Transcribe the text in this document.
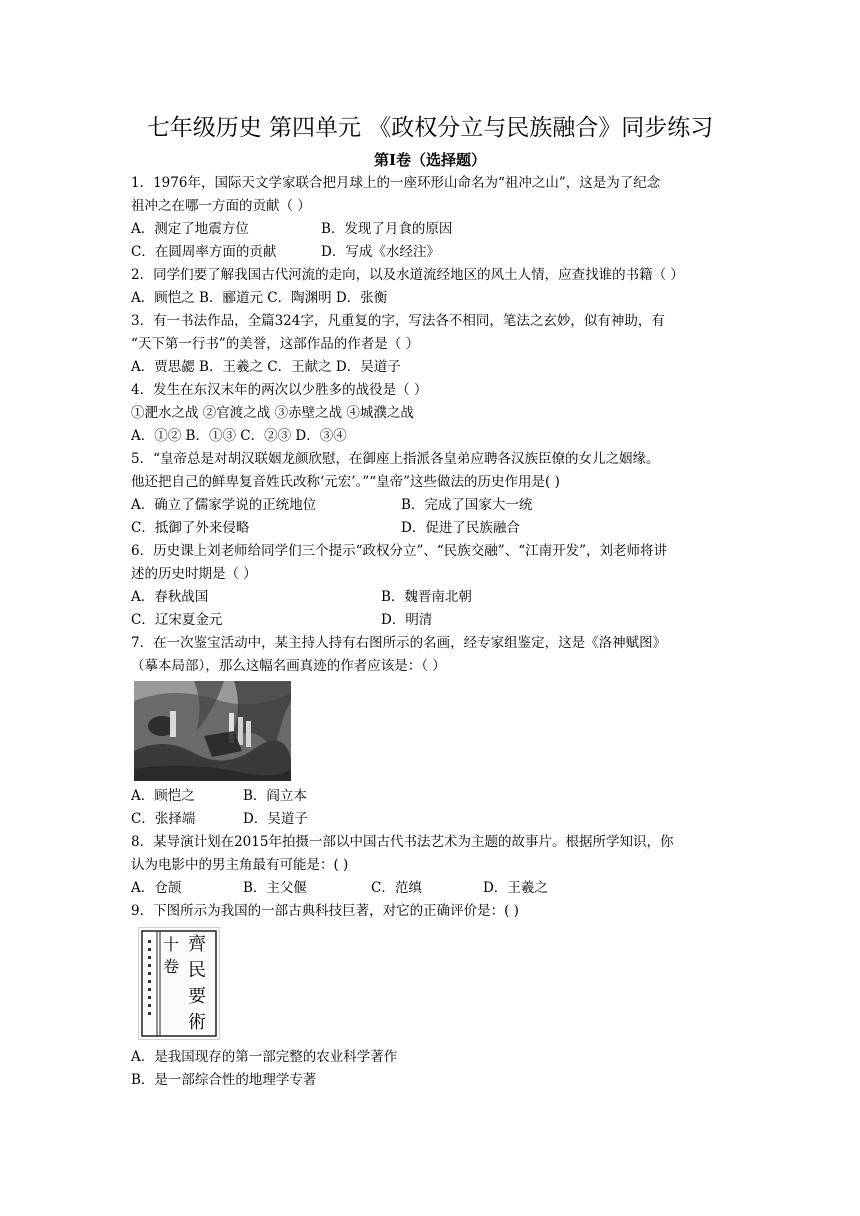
七年级历史 第四单元 《政权分立与民族融合》同步练习
第Ⅰ卷（选择题）
1．1976年，国际天文学家联合把月球上的一座环形山命名为“祖冲之山”，这是为了纪念
祖冲之在哪一方面的贡献（ ）
A．测定了地震方位	B．发现了月食的原因
C．在圆周率方面的贡献	D．写成《水经注》
2．同学们要了解我国古代河流的走向，以及水道流经地区的风土人情，应查找谁的书籍（ ）
A．顾恺之 B．郦道元 C．陶渊明 D．张衡
3．有一书法作品，全篇324字，凡重复的字，写法各不相同，笔法之玄妙，似有神助，有
“天下第一行书”的美誉，这部作品的作者是（ ）
A．贾思勰 B．王羲之 C．王献之 D．吴道子
4．发生在东汉末年的两次以少胜多的战役是（ ）
①淝水之战 ②官渡之战 ③赤壁之战 ④城濮之战
A．①② B．①③ C．②③ D．③④
5．“皇帝总是对胡汉联姻龙颜欣慰，在御座上指派各皇弟应聘各汉族臣僚的女儿之姻缘。
他还把自己的鲜卑复音姓氏改称‘元宏’。”“皇帝”这些做法的历史作用是( )
A．确立了儒家学说的正统地位	B．完成了国家大一统
C．抵御了外来侵略	D．促进了民族融合
6．历史课上刘老师给同学们三个提示“政权分立”、“民族交融”、“江南开发”，刘老师将讲
述的历史时期是（ ）
A．春秋战国	B．魏晋南北朝
C．辽宋夏金元	D．明清
7．在一次鉴宝活动中，某主持人持有右图所示的名画，经专家组鉴定，这是《洛神赋图》
（摹本局部），那么这幅名画真迹的作者应该是：（ ）
A．顾恺之	B．阎立本
C．张择端	D．吴道子
8．某导演计划在2015年拍摄一部以中国古代书法艺术为主题的故事片。根据所学知识，你
认为电影中的男主角最有可能是：( )
A．仓颉	B．主父偃	C．范缜	D．王羲之
9．下图所示为我国的一部古典科技巨著，对它的正确评价是：( )
十
卷
齊
民
要
術
A．是我国现存的第一部完整的农业科学著作
B．是一部综合性的地理学专著
